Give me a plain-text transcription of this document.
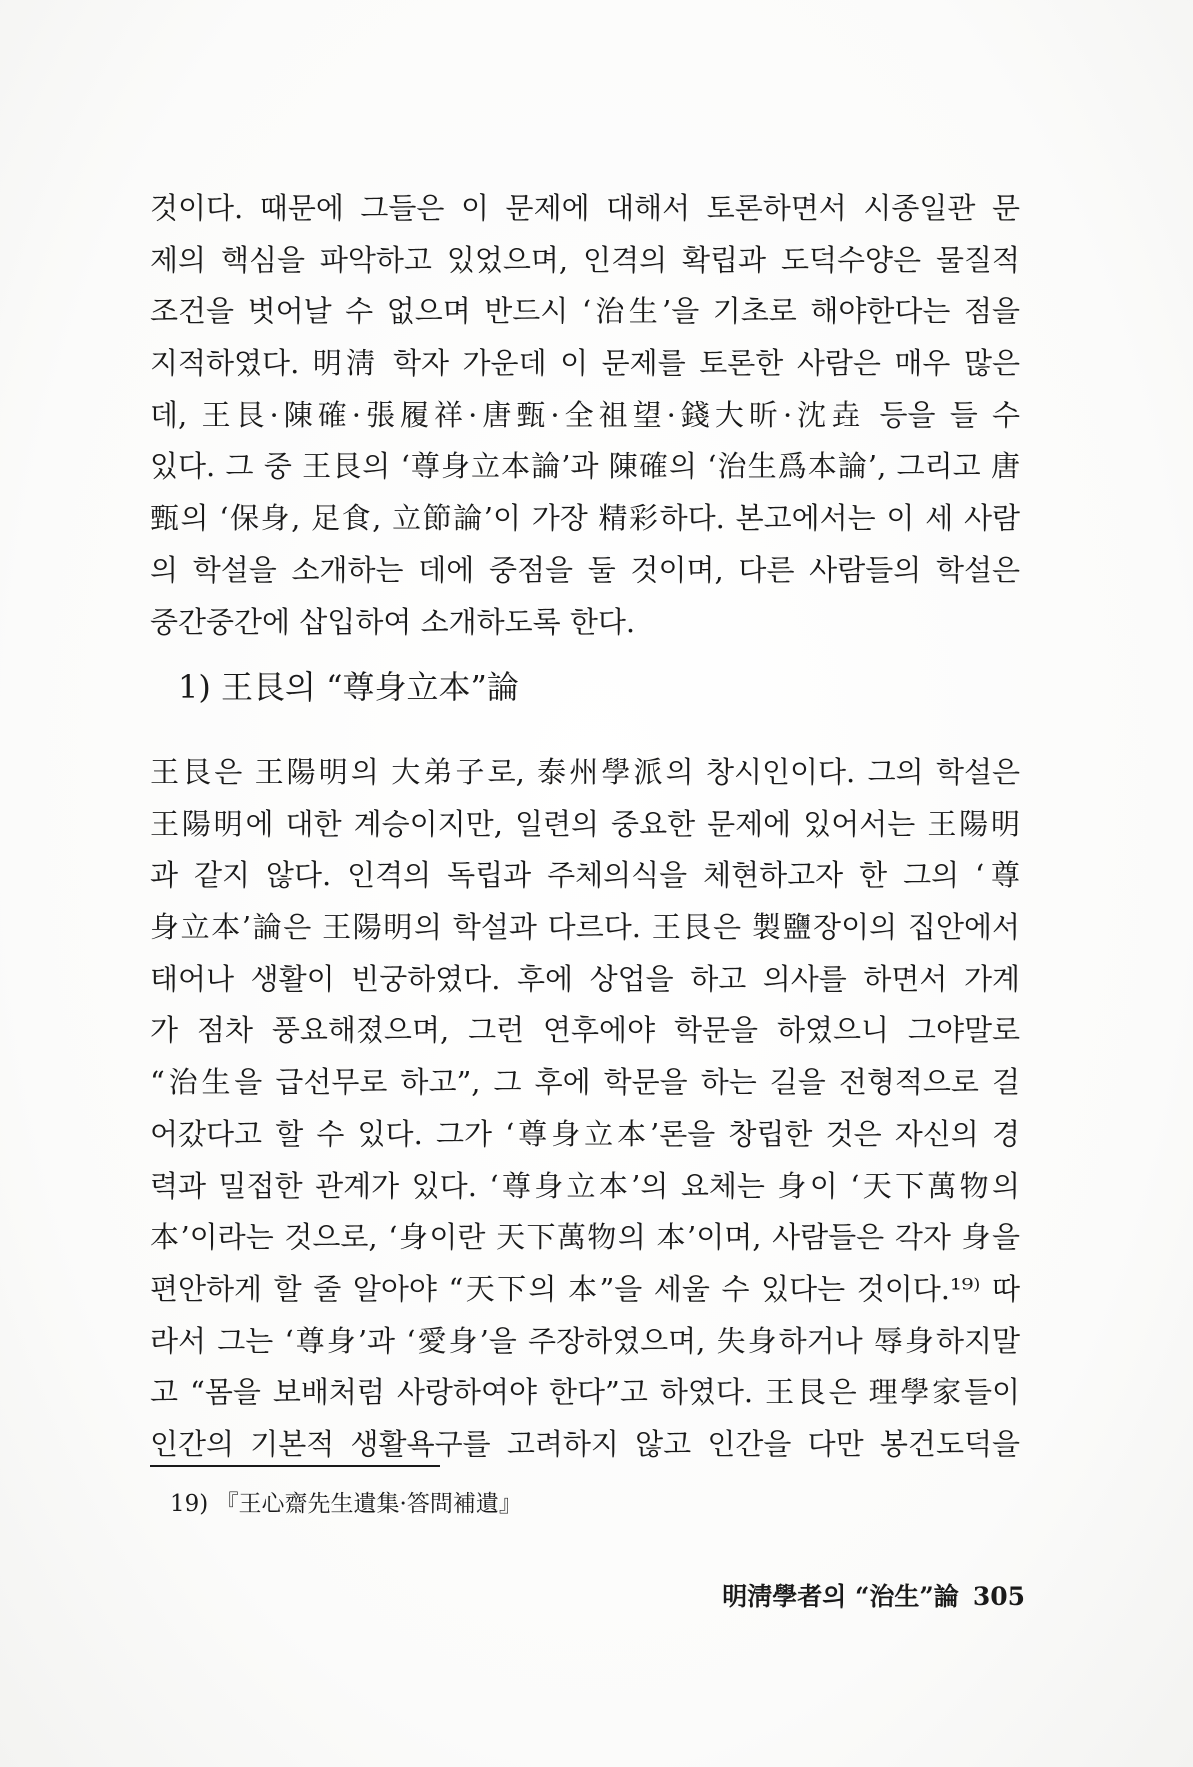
것이다. 때문에 그들은 이 문제에 대해서 토론하면서 시종일관 문
제의 핵심을 파악하고 있었으며, 인격의 확립과 도덕수양은 물질적
조건을 벗어날 수 없으며 반드시 ‘治生’을 기초로 해야한다는 점을
지적하였다. 明淸 학자 가운데 이 문제를 토론한 사람은 매우 많은
데, 王艮·陳確·張履祥·唐甄·全祖望·錢大昕·沈垚 등을 들 수
있다. 그 중 王艮의 ‘尊身立本論’과 陳確의 ‘治生爲本論’, 그리고 唐
甄의 ‘保身, 足食, 立節論’이 가장 精彩하다. 본고에서는 이 세 사람
의 학설을 소개하는 데에 중점을 둘 것이며, 다른 사람들의 학설은
중간중간에 삽입하여 소개하도록 한다.
1) 王艮의 “尊身立本”論
王艮은 王陽明의 大弟子로, 泰州學派의 창시인이다. 그의 학설은
王陽明에 대한 계승이지만, 일련의 중요한 문제에 있어서는 王陽明
과 같지 않다. 인격의 독립과 주체의식을 체현하고자 한 그의 ‘尊
身立本’論은 王陽明의 학설과 다르다. 王艮은 製鹽장이의 집안에서
태어나 생활이 빈궁하였다. 후에 상업을 하고 의사를 하면서 가계
가 점차 풍요해졌으며, 그런 연후에야 학문을 하였으니 그야말로
“治生을 급선무로 하고”, 그 후에 학문을 하는 길을 전형적으로 걸
어갔다고 할 수 있다. 그가 ‘尊身立本’론을 창립한 것은 자신의 경
력과 밀접한 관계가 있다. ‘尊身立本’의 요체는 身이 ‘天下萬物의
本’이라는 것으로, ‘身이란 天下萬物의 本’이며, 사람들은 각자 身을
편안하게 할 줄 알아야 “天下의 本”을 세울 수 있다는 것이다.¹⁹⁾ 따
라서 그는 ‘尊身’과 ‘愛身’을 주장하였으며, 失身하거나 辱身하지말
고 “몸을 보배처럼 사랑하여야 한다”고 하였다. 王艮은 理學家들이
인간의 기본적 생활욕구를 고려하지 않고 인간을 다만 봉건도덕을
19) 『王心齋先生遺集·答問補遺』
明淸學者의 “治生”論 305
